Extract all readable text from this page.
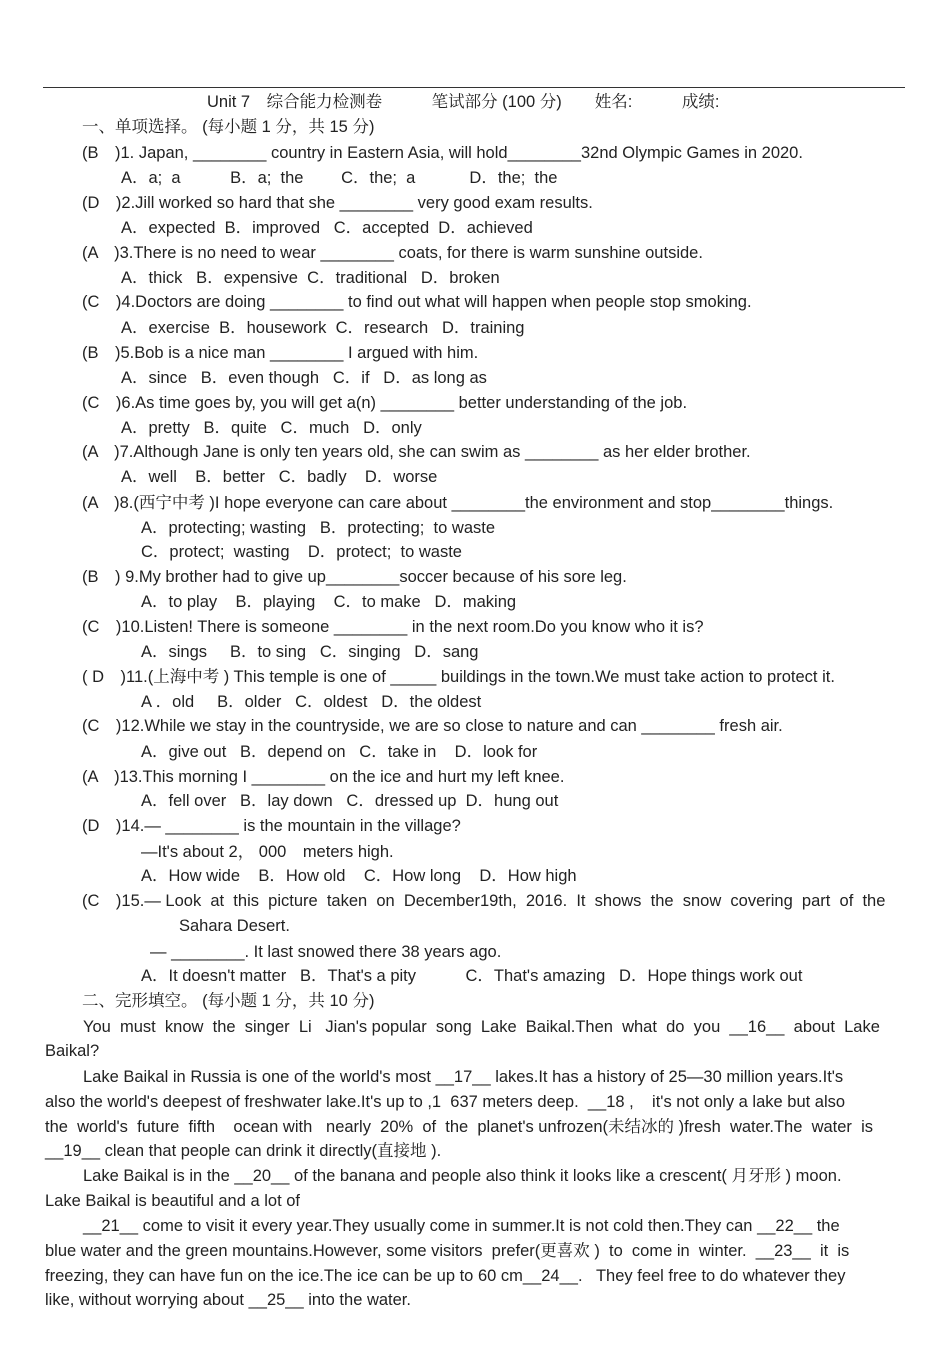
Unit 7　综合能力检测卷　　　笔试部分 (100 分)　　姓名:　　　成绩:
一、单项选择。 (每小题 1 分，共 15 分)
(B　)1. Japan, ________ country in Eastern Asia, will hold________32nd Olympic Games in 2020.
A．a;  a　　　B．a;  the　　 C．the;  a　　　 D．the;  the
(D　)2.Jill worked so hard that she ________ very good exam results.
A．expected  B．improved   C．accepted  D．achieved
(A　)3.There is no need to wear ________ coats, for there is warm sunshine outside.
A．thick   B．expensive  C．traditional   D．broken
(C　)4.Doctors are doing ________ to find out what will happen when people stop smoking.
A．exercise  B．housework  C．research   D．training
(B　)5.Bob is a nice man ________ I argued with him.
A．since   B．even though   C．if   D．as long as
(C　)6.As time goes by, you will get a(n) ________ better understanding of the job.
A．pretty   B．quite   C．much   D．only
(A　)7.Although Jane is only ten years old, she can swim as ________ as her elder brother.
A．well    B．better   C．badly    D．worse
(A　)8.(西宁中考 )I hope everyone can care about ________the environment and stop________things.
A．protecting; wasting   B．protecting;  to waste
C．protect;  wasting    D．protect;  to waste
(B　) 9.My brother had to give up________soccer because of his sore leg.
A．to play    B．playing    C．to make   D．making
(C　)10.Listen! There is someone ________ in the next room.Do you know who it is?
A．sings     B．to sing   C．singing   D．sang
( D　)11.(上海中考 ) This temple is one of _____ buildings in the town.We must take action to protect it.
A ．old     B．older   C．oldest   D．the oldest
(C　)12.While we stay in the countryside, we are so close to nature and can ________ fresh air.
A．give out   B．depend on   C．take in    D．look for
(A　)13.This morning I ________ on the ice and hurt my left knee.
A．fell over   B．lay down   C．dressed up  D．hung out
(D　)14.— ________ is the mountain in the village?
—It's about 2， 000　meters high.
A．How wide    B．How old    C．How long    D．How high
(C　)15.— Look  at  this  picture  taken  on  December19th,  2016.  It  shows  the  snow  covering  part  of  the
Sahara Desert.
— ________. It last snowed there 38 years ago.
A．It doesn't matter   B．That's a pity　　　C．That's amazing   D．Hope things work out
二、完形填空。 (每小题 1 分，共 10 分)
You  must  know  the  singer  Li   Jian's popular  song  Lake  Baikal.Then  what  do  you  __16__  about  Lake
Baikal?
Lake Baikal in Russia is one of the world's most __17__ lakes.It has a history of 25—30 million years.It's
also the world's deepest of freshwater lake.It's up to ,1  637 meters deep.  __18 ,    it's not only a lake but also
the  world's  future  fifth    ocean with   nearly  20%  of  the  planet's unfrozen(未结冰的 )fresh  water.The  water  is
__19__ clean that people can drink it directly(直接地 ).
Lake Baikal is in the __20__ of the banana and people also think it looks like a crescent( 月牙形 ) moon.
Lake Baikal is beautiful and a lot of
__21__ come to visit it every year.They usually come in summer.It is not cold then.They can __22__ the
blue water and the green mountains.However, some visitors  prefer(更喜欢 )  to  come in  winter.  __23__  it  is
freezing, they can have fun on the ice.The ice can be up to 60 cm__24__.   They feel free to do whatever they
like, without worrying about __25__ into the water.
